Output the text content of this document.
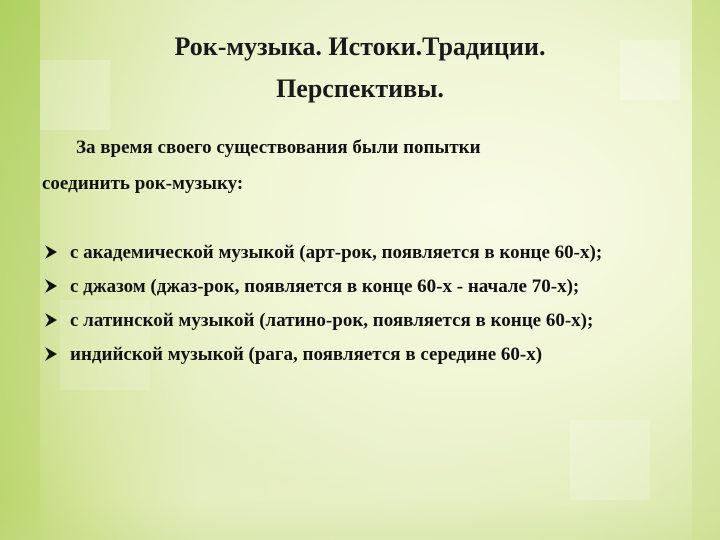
Рок-музыка. Истоки.Традиции.
Перспективы.
За время своего существования были попытки
соединить рок-музыку:
с академической музыкой (арт-рок, появляется в конце 60-х);
с джазом (джаз-рок, появляется в конце 60-х - начале 70-х);
с латинской музыкой (латино-рок, появляется в конце 60-х);
индийской музыкой (рага, появляется в середине 60-х)
